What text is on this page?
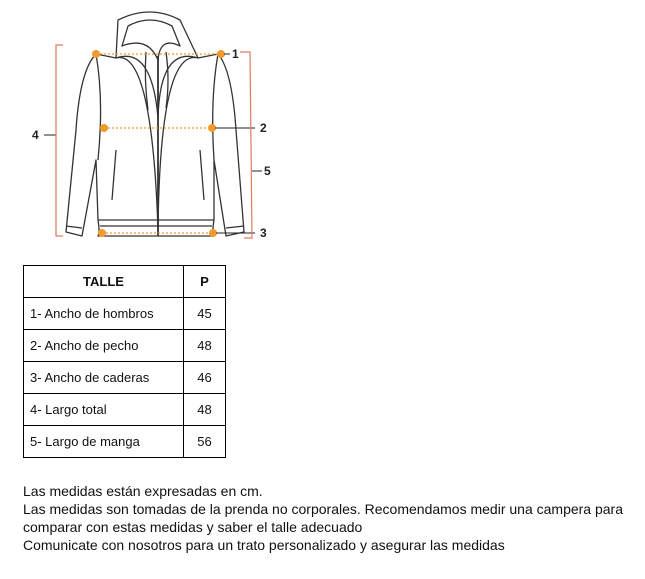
1
2
3
4
5
TALLE	P
1- Ancho de hombros	45
2- Ancho de pecho	48
3- Ancho de caderas	46
4- Largo total	48
5- Largo de manga	56

Las medidas están expresadas en cm.

Las medidas son tomadas de la prenda no corporales. Recomendamos medir una campera para comparar con estas medidas y saber el talle adecuado

Comunicate con nosotros para un trato personalizado y asegurar las medidas
